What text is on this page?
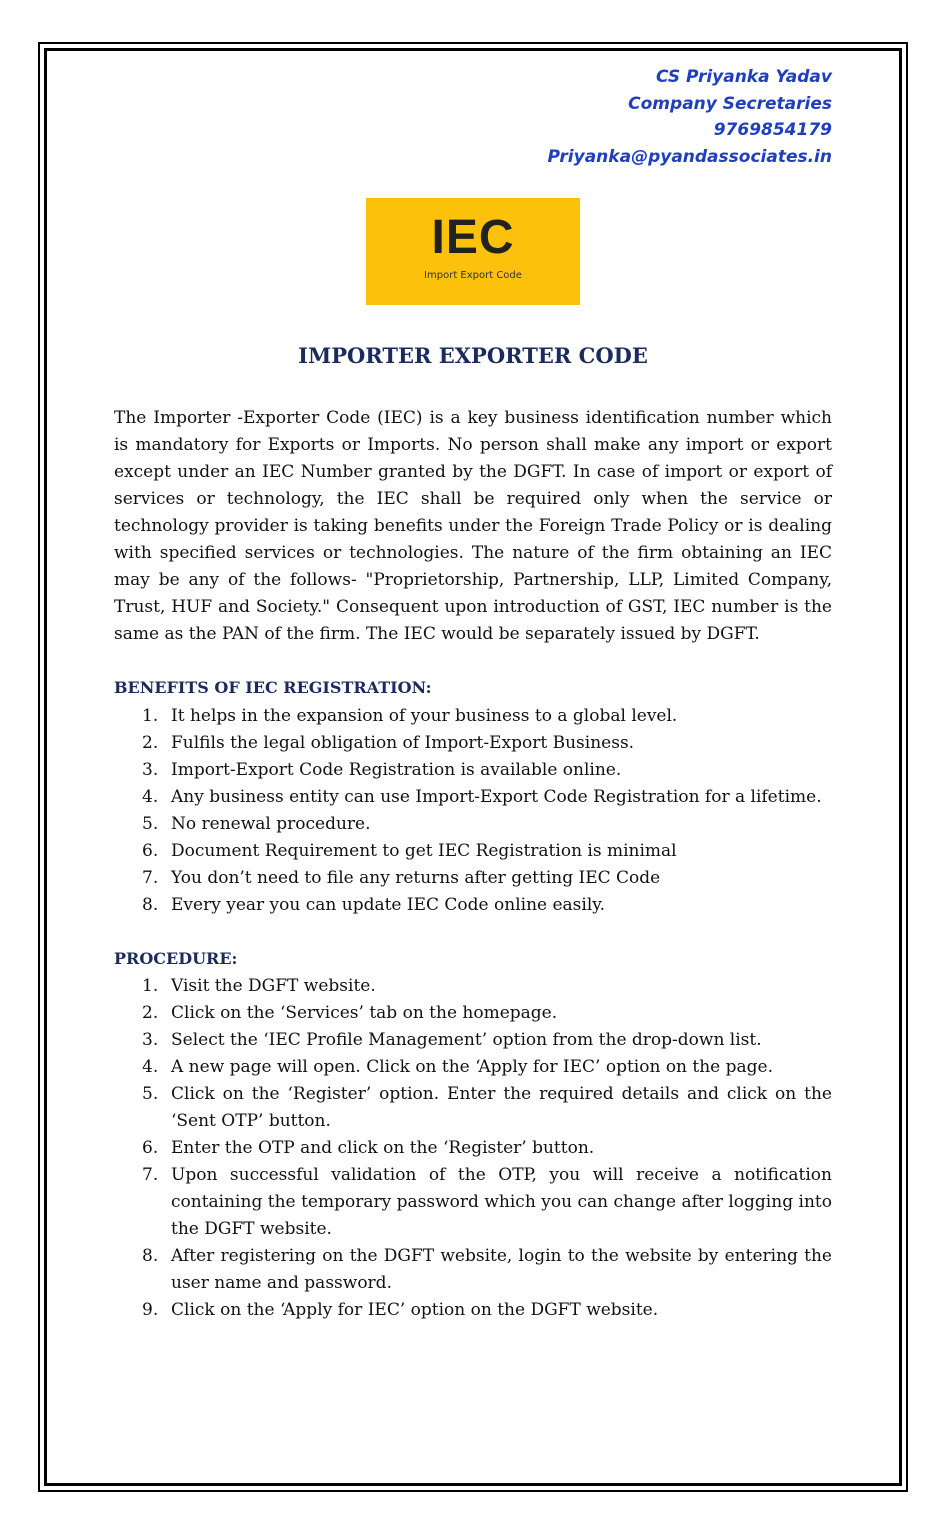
CS Priyanka Yadav
Company Secretaries
9769854179
Priyanka@pyandassociates.in
IEC
Import Export Code
IMPORTER EXPORTER CODE
The Importer -Exporter Code (IEC) is a key business identification number which is mandatory for Exports or Imports. No person shall make any import or export except under an IEC Number granted by the DGFT. In case of import or export of services or technology, the IEC shall be required only when the service or technology provider is taking benefits under the Foreign Trade Policy or is dealing with specified services or technologies. The nature of the firm obtaining an IEC may be any of the follows- "Proprietorship, Partnership, LLP, Limited Company, Trust, HUF and Society." Consequent upon introduction of GST, IEC number is the same as the PAN of the firm. The IEC would be separately issued by DGFT.
BENEFITS OF IEC REGISTRATION:
1. It helps in the expansion of your business to a global level.
2. Fulfils the legal obligation of Import-Export Business.
3. Import-Export Code Registration is available online.
4. Any business entity can use Import-Export Code Registration for a lifetime.
5. No renewal procedure.
6. Document Requirement to get IEC Registration is minimal
7. You don’t need to file any returns after getting IEC Code
8. Every year you can update IEC Code online easily.
PROCEDURE:
1. Visit the DGFT website.
2. Click on the ‘Services’ tab on the homepage.
3. Select the ‘IEC Profile Management’ option from the drop-down list.
4. A new page will open. Click on the ‘Apply for IEC’ option on the page.
5. Click on the ‘Register’ option. Enter the required details and click on the ‘Sent OTP’ button.
6. Enter the OTP and click on the ‘Register’ button.
7. Upon successful validation of the OTP, you will receive a notification containing the temporary password which you can change after logging into the DGFT website.
8. After registering on the DGFT website, login to the website by entering the user name and password.
9. Click on the ‘Apply for IEC’ option on the DGFT website.
